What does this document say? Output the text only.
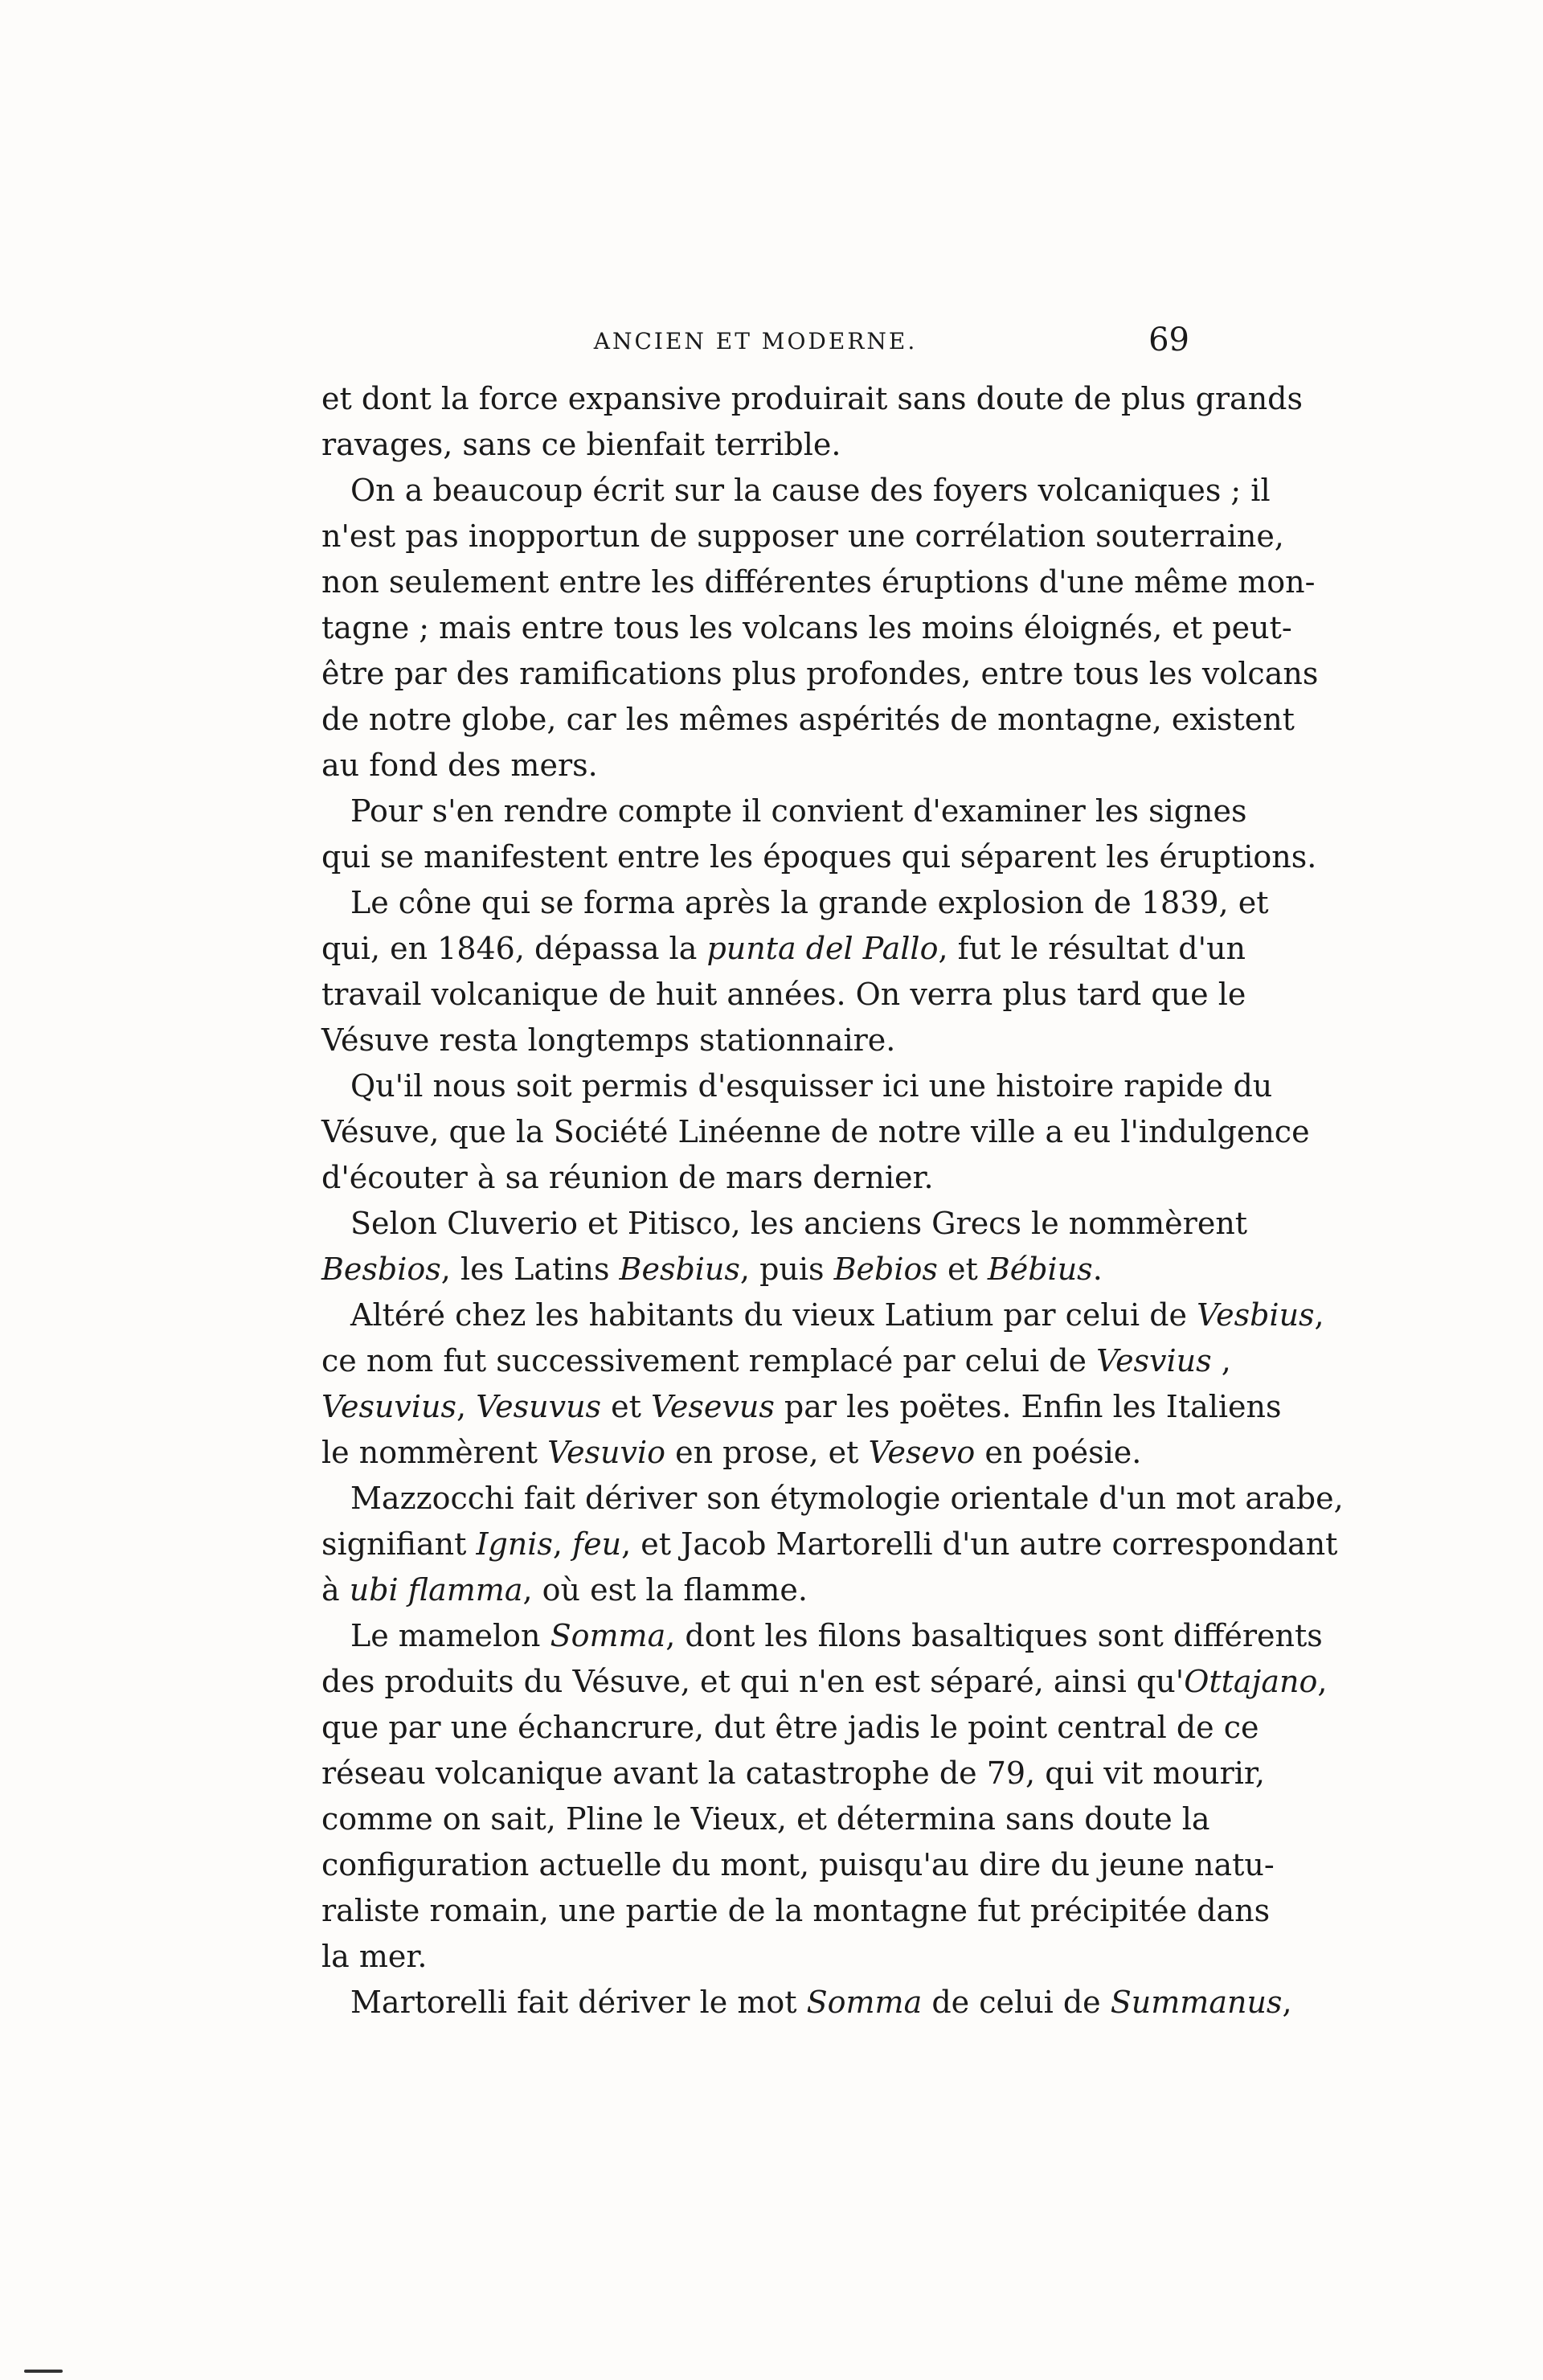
ANCIEN ET MODERNE.	69
et dont la force expansive produirait sans doute de plus grands
ravages, sans ce bienfait terrible.
On a beaucoup écrit sur la cause des foyers volcaniques ; il
n'est pas inopportun de supposer une corrélation souterraine,
non seulement entre les différentes éruptions d'une même mon-
tagne ; mais entre tous les volcans les moins éloignés, et peut-
être par des ramifications plus profondes, entre tous les volcans
de notre globe, car les mêmes aspérités de montagne, existent
au fond des mers.
Pour s'en rendre compte il convient d'examiner les signes
qui se manifestent entre les époques qui séparent les éruptions.
Le cône qui se forma après la grande explosion de 1839, et
qui, en 1846, dépassa la punta del Pallo, fut le résultat d'un
travail volcanique de huit années. On verra plus tard que le
Vésuve resta longtemps stationnaire.
Qu'il nous soit permis d'esquisser ici une histoire rapide du
Vésuve, que la Société Linéenne de notre ville a eu l'indulgence
d'écouter à sa réunion de mars dernier.
Selon Cluverio et Pitisco, les anciens Grecs le nommèrent
Besbios, les Latins Besbius, puis Bebios et Bébius.
Altéré chez les habitants du vieux Latium par celui de Vesbius,
ce nom fut successivement remplacé par celui de Vesvius ,
Vesuvius, Vesuvus et Vesevus par les poëtes. Enfin les Italiens
le nommèrent Vesuvio en prose, et Vesevo en poésie.
Mazzocchi fait dériver son étymologie orientale d'un mot arabe,
signifiant Ignis, feu, et Jacob Martorelli d'un autre correspondant
à ubi flamma, où est la flamme.
Le mamelon Somma, dont les filons basaltiques sont différents
des produits du Vésuve, et qui n'en est séparé, ainsi qu'Ottajano,
que par une échancrure, dut être jadis le point central de ce
réseau volcanique avant la catastrophe de 79, qui vit mourir,
comme on sait, Pline le Vieux, et détermina sans doute la
configuration actuelle du mont, puisqu'au dire du jeune natu-
raliste romain, une partie de la montagne fut précipitée dans
la mer.
Martorelli fait dériver le mot Somma de celui de Summanus,
